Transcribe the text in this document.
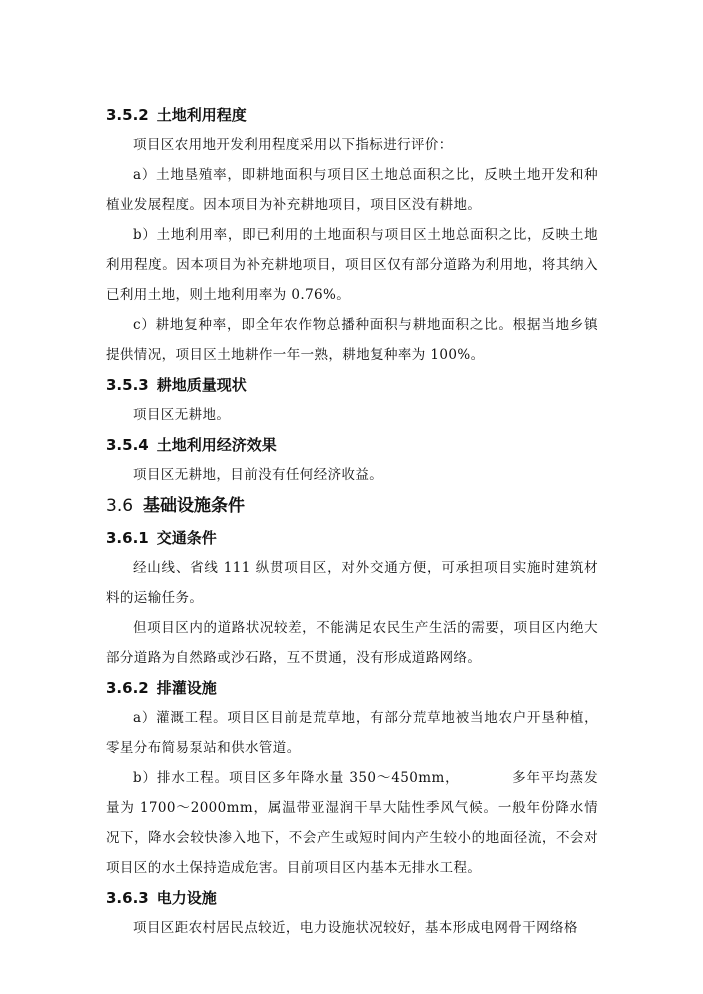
3.5.2 土地利用程度

项目区农用地开发利用程度采用以下指标进行评价：

a）土地垦殖率，即耕地面积与项目区土地总面积之比，反映土地开发和种植业发展程度。因本项目为补充耕地项目，项目区没有耕地。

b）土地利用率，即已利用的土地面积与项目区土地总面积之比，反映土地利用程度。因本项目为补充耕地项目，项目区仅有部分道路为利用地，将其纳入已利用土地，则土地利用率为 0.76%。

c）耕地复种率，即全年农作物总播种面积与耕地面积之比。根据当地乡镇提供情况，项目区土地耕作一年一熟，耕地复种率为 100%。

3.5.3 耕地质量现状

项目区无耕地。

3.5.4 土地利用经济效果

项目区无耕地，目前没有任何经济收益。

3.6 基础设施条件
3.6.1 交通条件

经山线、省线 111 纵贯项目区，对外交通方便，可承担项目实施时建筑材料的运输任务。

但项目区内的道路状况较差，不能满足农民生产生活的需要，项目区内绝大部分道路为自然路或沙石路，互不贯通，没有形成道路网络。

3.6.2 排灌设施

a）灌溉工程。项目区目前是荒草地，有部分荒草地被当地农户开垦种植，零星分布简易泵站和供水管道。

b）排水工程。项目区多年降水量 350～450mm，	多年平均蒸发量为 1700～2000mm，属温带亚湿润干旱大陆性季风气候。一般年份降水情况下，降水会较快渗入地下，不会产生或短时间内产生较小的地面径流，不会对项目区的水土保持造成危害。目前项目区内基本无排水工程。

3.6.3 电力设施

项目区距农村居民点较近，电力设施状况较好，基本形成电网骨干网络格
